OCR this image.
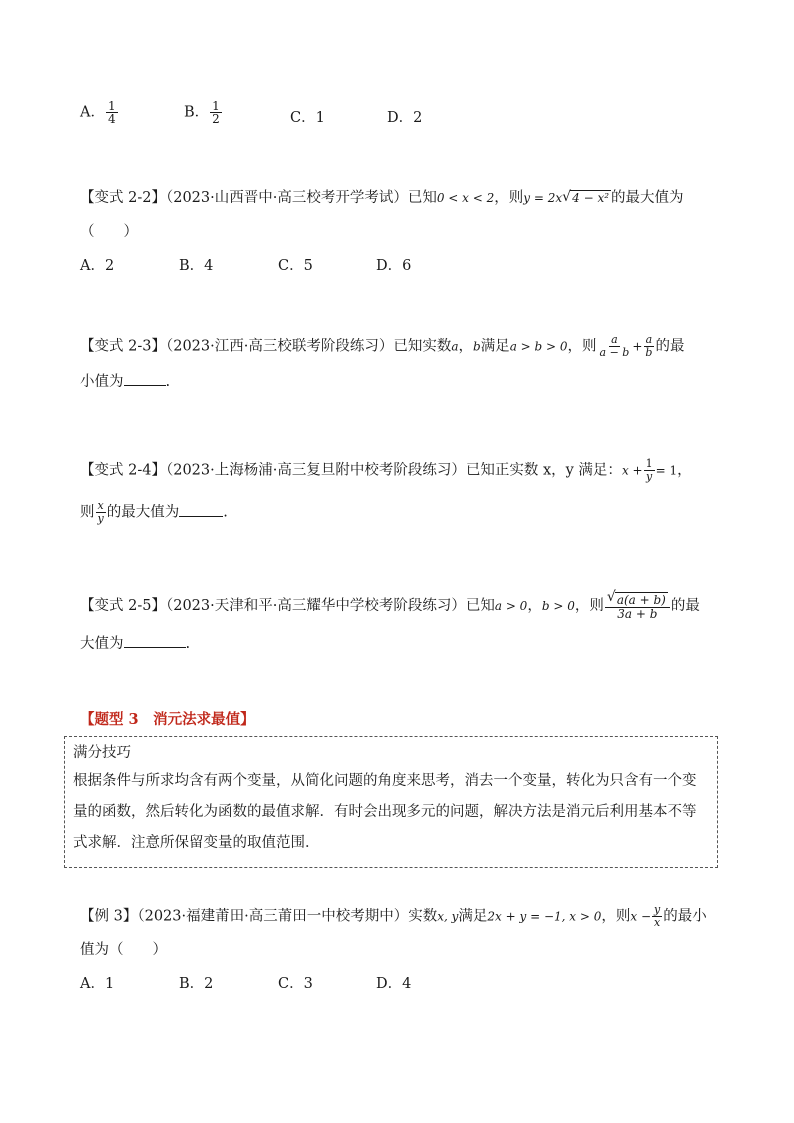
A． $\frac{1}{4}$	B． $\frac{1}{2}$	C．1	D．2
【变式 2-2】（2023·山西晋中·高三校考开学考试）已知0 < x < 2，则y = 2x √ 4 − x² 的最大值为
（　　）
A．2	B．4	C．5	D．6
【变式 2-3】（2023·江西·高三校联考阶段练习）已知实数a，b满足a > b > 0，则 $\frac{a}{a - b} + \frac{a}{b}$ 的最
小值为	.
【变式 2-4】（2023·上海杨浦·高三复旦附中校考阶段练习）已知正实数 x，y 满足：$x + \frac{1}{y} = 1$，
则 $\frac{x}{y}$ 的最大值为	.
【变式 2-5】（2023·天津和平·高三耀华中学校考阶段练习）已知a > 0，b > 0，则 $\frac{√ a(a + b)}{3a + b}$ 的最
大值为	.
【题型 3　消元法求最值】
满分技巧
根据条件与所求均含有两个变量，从简化问题的角度来思考，消去一个变量，转化为只含有一个变量的函数，然后转化为函数的最值求解．有时会出现多元的问题，解决方法是消元后利用基本不等式求解．注意所保留变量的取值范围．
【例 3】（2023·福建莆田·高三莆田一中校考期中）实数x, y满足2x + y = −1, x > 0，则$x - \frac{y}{x}$ 的最小
值为（　　）
A．1	B．2	C．3	D．4
